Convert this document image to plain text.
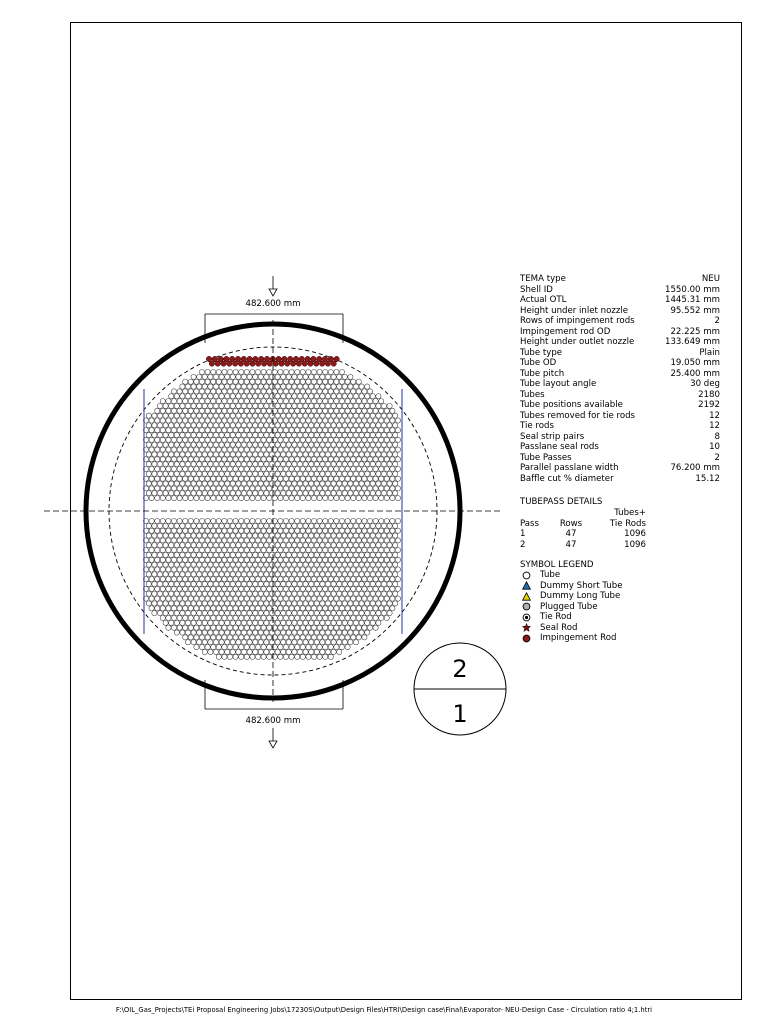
482.600 mm
482.600 mm
2
1
TEMA type	NEU
Shell ID	1550.00 mm
Actual OTL	1445.31 mm
Height under inlet nozzle	95.552 mm
Rows of impingement rods	2
Impingement rod OD	22.225 mm
Height under outlet nozzle	133.649 mm
Tube type	Plain
Tube OD	19.050 mm
Tube pitch	25.400 mm
Tube layout angle	30 deg
Tubes	2180
Tube positions available	2192
Tubes removed for tie rods	12
Tie rods	12
Seal strip pairs	8
Passlane seal rods	10
Tube Passes	2
Parallel passlane width	76.200 mm
Baffle cut % diameter	15.12
TUBEPASS DETAILS
Tubes+
Pass	Rows	Tie Rods
1	47	1096
2	47	1096
SYMBOL LEGEND
Tube
Dummy Short Tube
Dummy Long Tube
Plugged Tube
Tie Rod
Seal Rod
Impingement Rod
F:\OIL_Gas_Projects\TEi Proposal Engineering Jobs\17230S\Output\Design Files\HTRI\Design case\Final\Evaporator- NEU-Design Case - Circulation ratio 4;1.htri
